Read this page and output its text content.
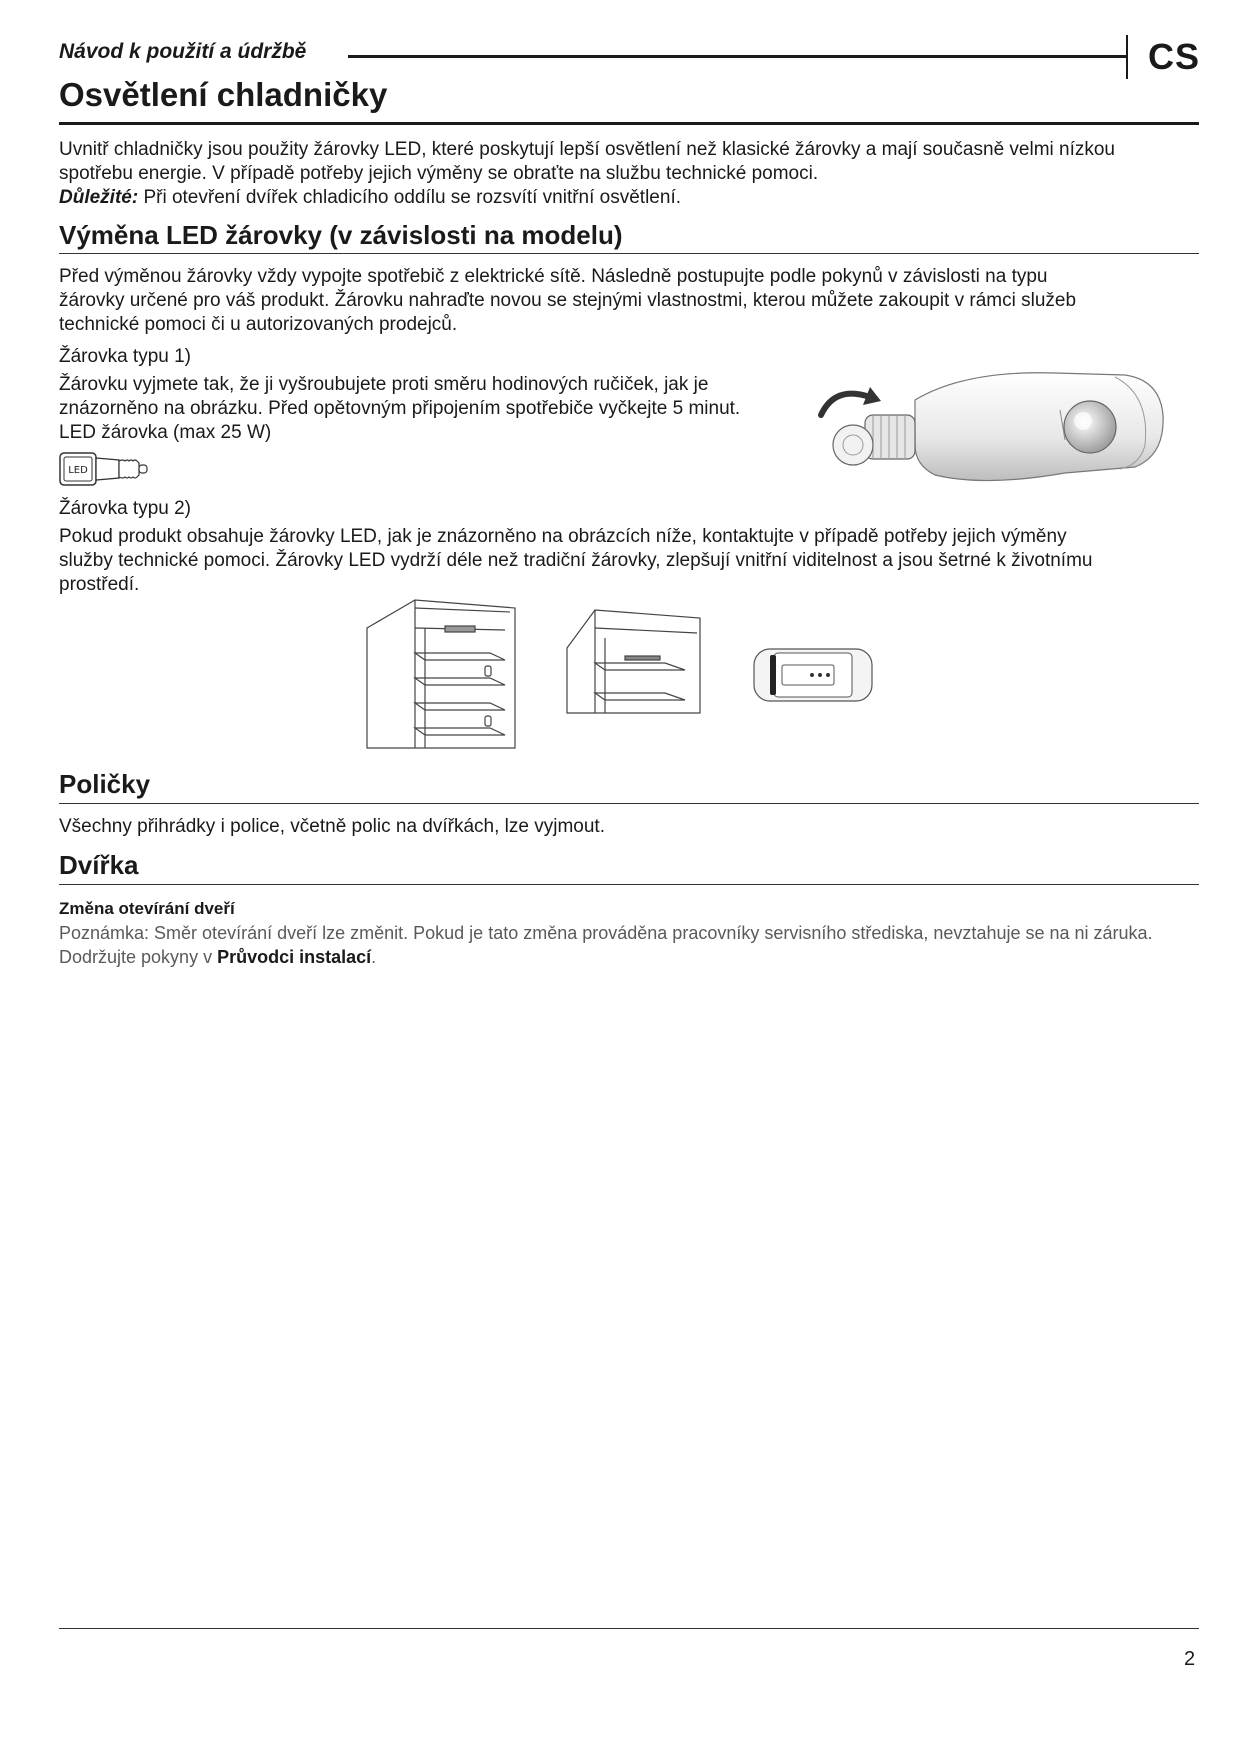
Návod k použití a údržbě	CS
Osvětlení chladničky
Uvnitř chladničky jsou použity žárovky LED, které poskytují lepší osvětlení než klasické žárovky a mají současně velmi nízkou
spotřebu energie. V případě potřeby jejich výměny se obraťte na službu technické pomoci.
Důležité: Při otevření dvířek chladicího oddílu se rozsvítí vnitřní osvětlení.
Výměna LED žárovky (v závislosti na modelu)
Před výměnou žárovky vždy vypojte spotřebič z elektrické sítě. Následně postupujte podle pokynů v závislosti na typu
žárovky určené pro váš produkt. Žárovku nahraďte novou se stejnými vlastnostmi, kterou můžete zakoupit v rámci služeb
technické pomoci či u autorizovaných prodejců.
Žárovka typu 1)
Žárovku vyjmete tak, že ji vyšroubujete proti směru hodinových ručiček, jak je
znázorněno na obrázku. Před opětovným připojením spotřebiče vyčkejte 5 minut.
LED žárovka (max 25 W)
LED
Žárovka typu 2)
Pokud produkt obsahuje žárovky LED, jak je znázorněno na obrázcích níže, kontaktujte v případě potřeby jejich výměny
služby technické pomoci. Žárovky LED vydrží déle než tradiční žárovky, zlepšují vnitřní viditelnost a jsou šetrné k životnímu
prostředí.
Poličky
Všechny přihrádky i police, včetně polic na dvířkách, lze vyjmout.
Dvířka
Změna otevírání dveří
Poznámka: Směr otevírání dveří lze změnit. Pokud je tato změna prováděna pracovníky servisního střediska, nevztahuje se na ni záruka.
Dodržujte pokyny v Průvodci instalací.
2
